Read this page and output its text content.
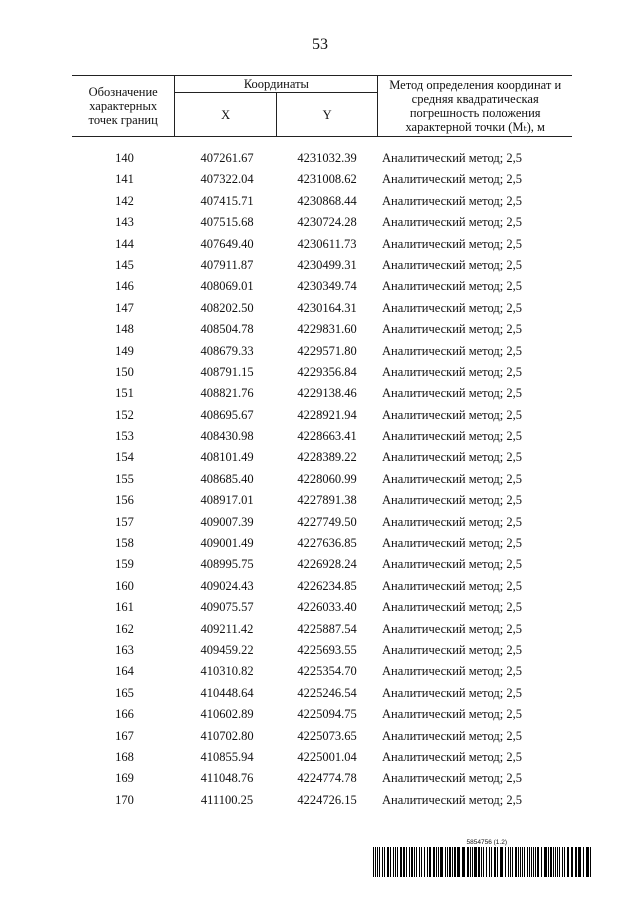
53
Обозначение характерных точек границ	Координаты		Метод определения координат и средняя квадратическая погрешность положения характерной точки (Mₜ), м
	X	Y	
140	407261.67	4231032.39	Аналитический метод; 2,5
141	407322.04	4231008.62	Аналитический метод; 2,5
142	407415.71	4230868.44	Аналитический метод; 2,5
143	407515.68	4230724.28	Аналитический метод; 2,5
144	407649.40	4230611.73	Аналитический метод; 2,5
145	407911.87	4230499.31	Аналитический метод; 2,5
146	408069.01	4230349.74	Аналитический метод; 2,5
147	408202.50	4230164.31	Аналитический метод; 2,5
148	408504.78	4229831.60	Аналитический метод; 2,5
149	408679.33	4229571.80	Аналитический метод; 2,5
150	408791.15	4229356.84	Аналитический метод; 2,5
151	408821.76	4229138.46	Аналитический метод; 2,5
152	408695.67	4228921.94	Аналитический метод; 2,5
153	408430.98	4228663.41	Аналитический метод; 2,5
154	408101.49	4228389.22	Аналитический метод; 2,5
155	408685.40	4228060.99	Аналитический метод; 2,5
156	408917.01	4227891.38	Аналитический метод; 2,5
157	409007.39	4227749.50	Аналитический метод; 2,5
158	409001.49	4227636.85	Аналитический метод; 2,5
159	408995.75	4226928.24	Аналитический метод; 2,5
160	409024.43	4226234.85	Аналитический метод; 2,5
161	409075.57	4226033.40	Аналитический метод; 2,5
162	409211.42	4225887.54	Аналитический метод; 2,5
163	409459.22	4225693.55	Аналитический метод; 2,5
164	410310.82	4225354.70	Аналитический метод; 2,5
165	410448.64	4225246.54	Аналитический метод; 2,5
166	410602.89	4225094.75	Аналитический метод; 2,5
167	410702.80	4225073.65	Аналитический метод; 2,5
168	410855.94	4225001.04	Аналитический метод; 2,5
169	411048.76	4224774.78	Аналитический метод; 2,5
170	411100.25	4224726.15	Аналитический метод; 2,5
5854756 (1.2)
